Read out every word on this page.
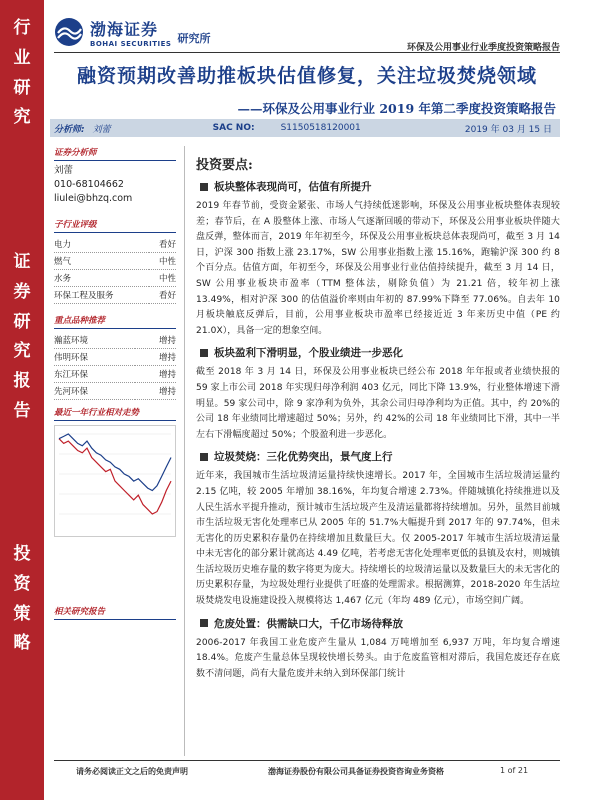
行
业
研
究
证
券
研
究
报
告
投
资
策
略
渤海证券
BOHAI SECURITIES 研究所
环保及公用事业行业季度投资策略报告
融资预期改善助推板块估值修复，关注垃圾焚烧领域
——环保及公用事业行业 2019 年第二季度投资策略报告
分析师: 刘蕾	SAC NO:	S1150518120001	2019 年 03 月 15 日
证券分析师
刘蕾
010-68104662
liulei@bhzq.com
子行业评级
电力	看好
燃气	中性
水务	中性
环保工程及服务	看好
重点品种推荐
瀚蓝环境	增持
伟明环保	增持
东江环保	增持
先河环保	增持
最近一年行业相对走势
相关研究报告
投资要点:
板块整体表现尚可，估值有所提升

2019 年春节前，受资金紧张、市场人气持续低迷影响，环保及公用事业板块整体表现较差；春节后，在 A 股整体上涨、市场人气逐渐回暖的带动下，环保及公用事业板块伴随大盘反弹，整体而言，2019 年年初至今，环保及公用事业板块总体表现尚可，截至 3 月 14 日，沪深 300 指数上涨 23.17%，SW 公用事业指数上涨 15.16%，跑输沪深 300 约 8 个百分点。估值方面，年初至今，环保及公用事业行业估值持续提升，截至 3 月 14 日，SW 公用事业板块市盈率（TTM 整体法，剔除负值）为 21.21 倍，较年初上涨 13.49%，相对沪深 300 的估值溢价率则由年初的 87.99%下降至 77.06%。自去年 10 月板块触底反弹后，目前，公用事业板块市盈率已经接近近 3 年来历史中值（PE 约 21.0X），具备一定的想象空间。

板块盈利下滑明显，个股业绩进一步恶化

截至 2018 年 3 月 14 日，环保及公用事业板块已经公布 2018 年年报或者业绩快报的 59 家上市公司 2018 年实现归母净利润 403 亿元，同比下降 13.9%，行业整体增速下滑明显。59 家公司中，除 9 家净利为负外，其余公司归母净利均为正值。其中，约 20%的公司 18 年业绩同比增速超过 50%；另外，约 42%的公司 18 年业绩同比下滑，其中一半左右下滑幅度超过 50%；个股盈利进一步恶化。

垃圾焚烧：三化优势突出，景气度上行

近年来，我国城市生活垃圾清运量持续快速增长。2017 年，全国城市生活垃圾清运量约 2.15 亿吨，较 2005 年增加 38.16%，年均复合增速 2.73%。伴随城镇化持续推进以及人民生活水平提升推动，预计城市生活垃圾产生及清运量都将持续增加。另外，虽然目前城市生活垃圾无害化处理率已从 2005 年的 51.7%大幅提升到 2017 年的 97.74%，但未无害化的历史累积存量仍在持续增加且数量巨大。仅 2005-2017 年城市生活垃圾清运量中未无害化的部分累计就高达 4.49 亿吨，若考虑无害化处理率更低的县镇及农村，则城镇生活垃圾历史堆存量的数字将更为庞大。持续增长的垃圾清运量以及数量巨大的未无害化的历史累积存量，为垃圾处理行业提供了旺盛的处理需求。根据测算，2018-2020 年生活垃圾焚烧发电设施建设投入规模将达 1,467 亿元（年均 489 亿元），市场空间广阔。

危废处置：供需缺口大，千亿市场待释放

2006-2017 年我国工业危废产生量从 1,084 万吨增加至 6,937 万吨，年均复合增速 18.4%。危废产生量总体呈现较快增长势头。由于危废监管相对滞后，我国危废还存在底数不清问题，尚有大量危废并未纳入到环保部门统计

请务必阅读正文之后的免责声明	渤海证券股份有限公司具备证券投资咨询业务资格	1 of 21
